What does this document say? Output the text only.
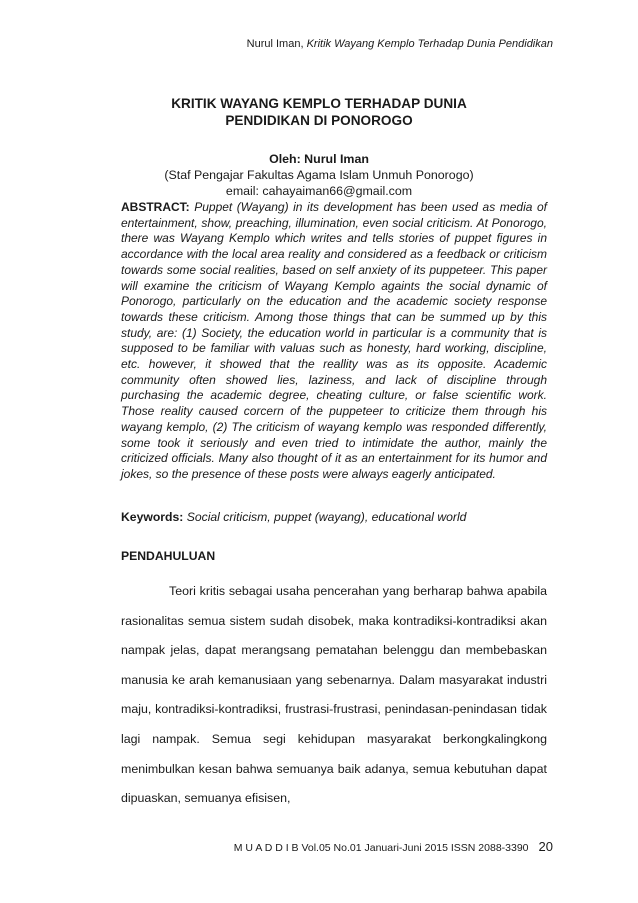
Nurul Iman, Kritik Wayang Kemplo Terhadap Dunia Pendidikan
KRITIK WAYANG KEMPLO TERHADAP DUNIA
PENDIDIKAN DI PONOROGO
Oleh: Nurul Iman
(Staf Pengajar Fakultas Agama Islam Unmuh Ponorogo)
email: cahayaiman66@gmail.com
ABSTRACT: Puppet (Wayang) in its development has been used as media of entertainment, show, preaching, illumination, even social criticism. At Ponorogo, there was Wayang Kemplo which writes and tells stories of puppet figures in accordance with the local area reality and considered as a feedback or criticism towards some social realities, based on self anxiety of its puppeteer. This paper will examine the criticism of Wayang Kemplo againts the social dynamic of Ponorogo, particularly on the education and the academic society response towards these criticism. Among those things that can be summed up by this study, are: (1) Society, the education world in particular is a community that is supposed to be familiar with valuas such as honesty, hard working, discipline, etc. however, it showed that the reallity was as its opposite. Academic community often showed lies, laziness, and lack of discipline through purchasing the academic degree, cheating culture, or false scientific work. Those reality caused corcern of the puppeteer to criticize them through his wayang kemplo, (2) The criticism of wayang kemplo was responded differently, some took it seriously and even tried to intimidate the author, mainly the criticized officials. Many also thought of it as an entertainment for its humor and jokes, so the presence of these posts were always eagerly anticipated.
Keywords: Social criticism, puppet (wayang), educational world
PENDAHULUAN

Teori kritis sebagai usaha pencerahan yang berharap bahwa apabila rasionalitas semua sistem sudah disobek, maka kontradiksi-kontradiksi akan nampak jelas, dapat merangsang pematahan belenggu dan membebaskan manusia ke arah kemanusiaan yang sebenarnya. Dalam masyarakat industri maju, kontradiksi-kontradiksi, frustrasi-frustrasi, penindasan-penindasan tidak lagi nampak. Semua segi kehidupan masyarakat berkongkalingkong menimbulkan kesan bahwa semuanya baik adanya, semua kebutuhan dapat dipuaskan, semuanya efisisen,

M U A D D I B Vol.05 No.01 Januari-Juni 2015 ISSN 2088-3390 20
